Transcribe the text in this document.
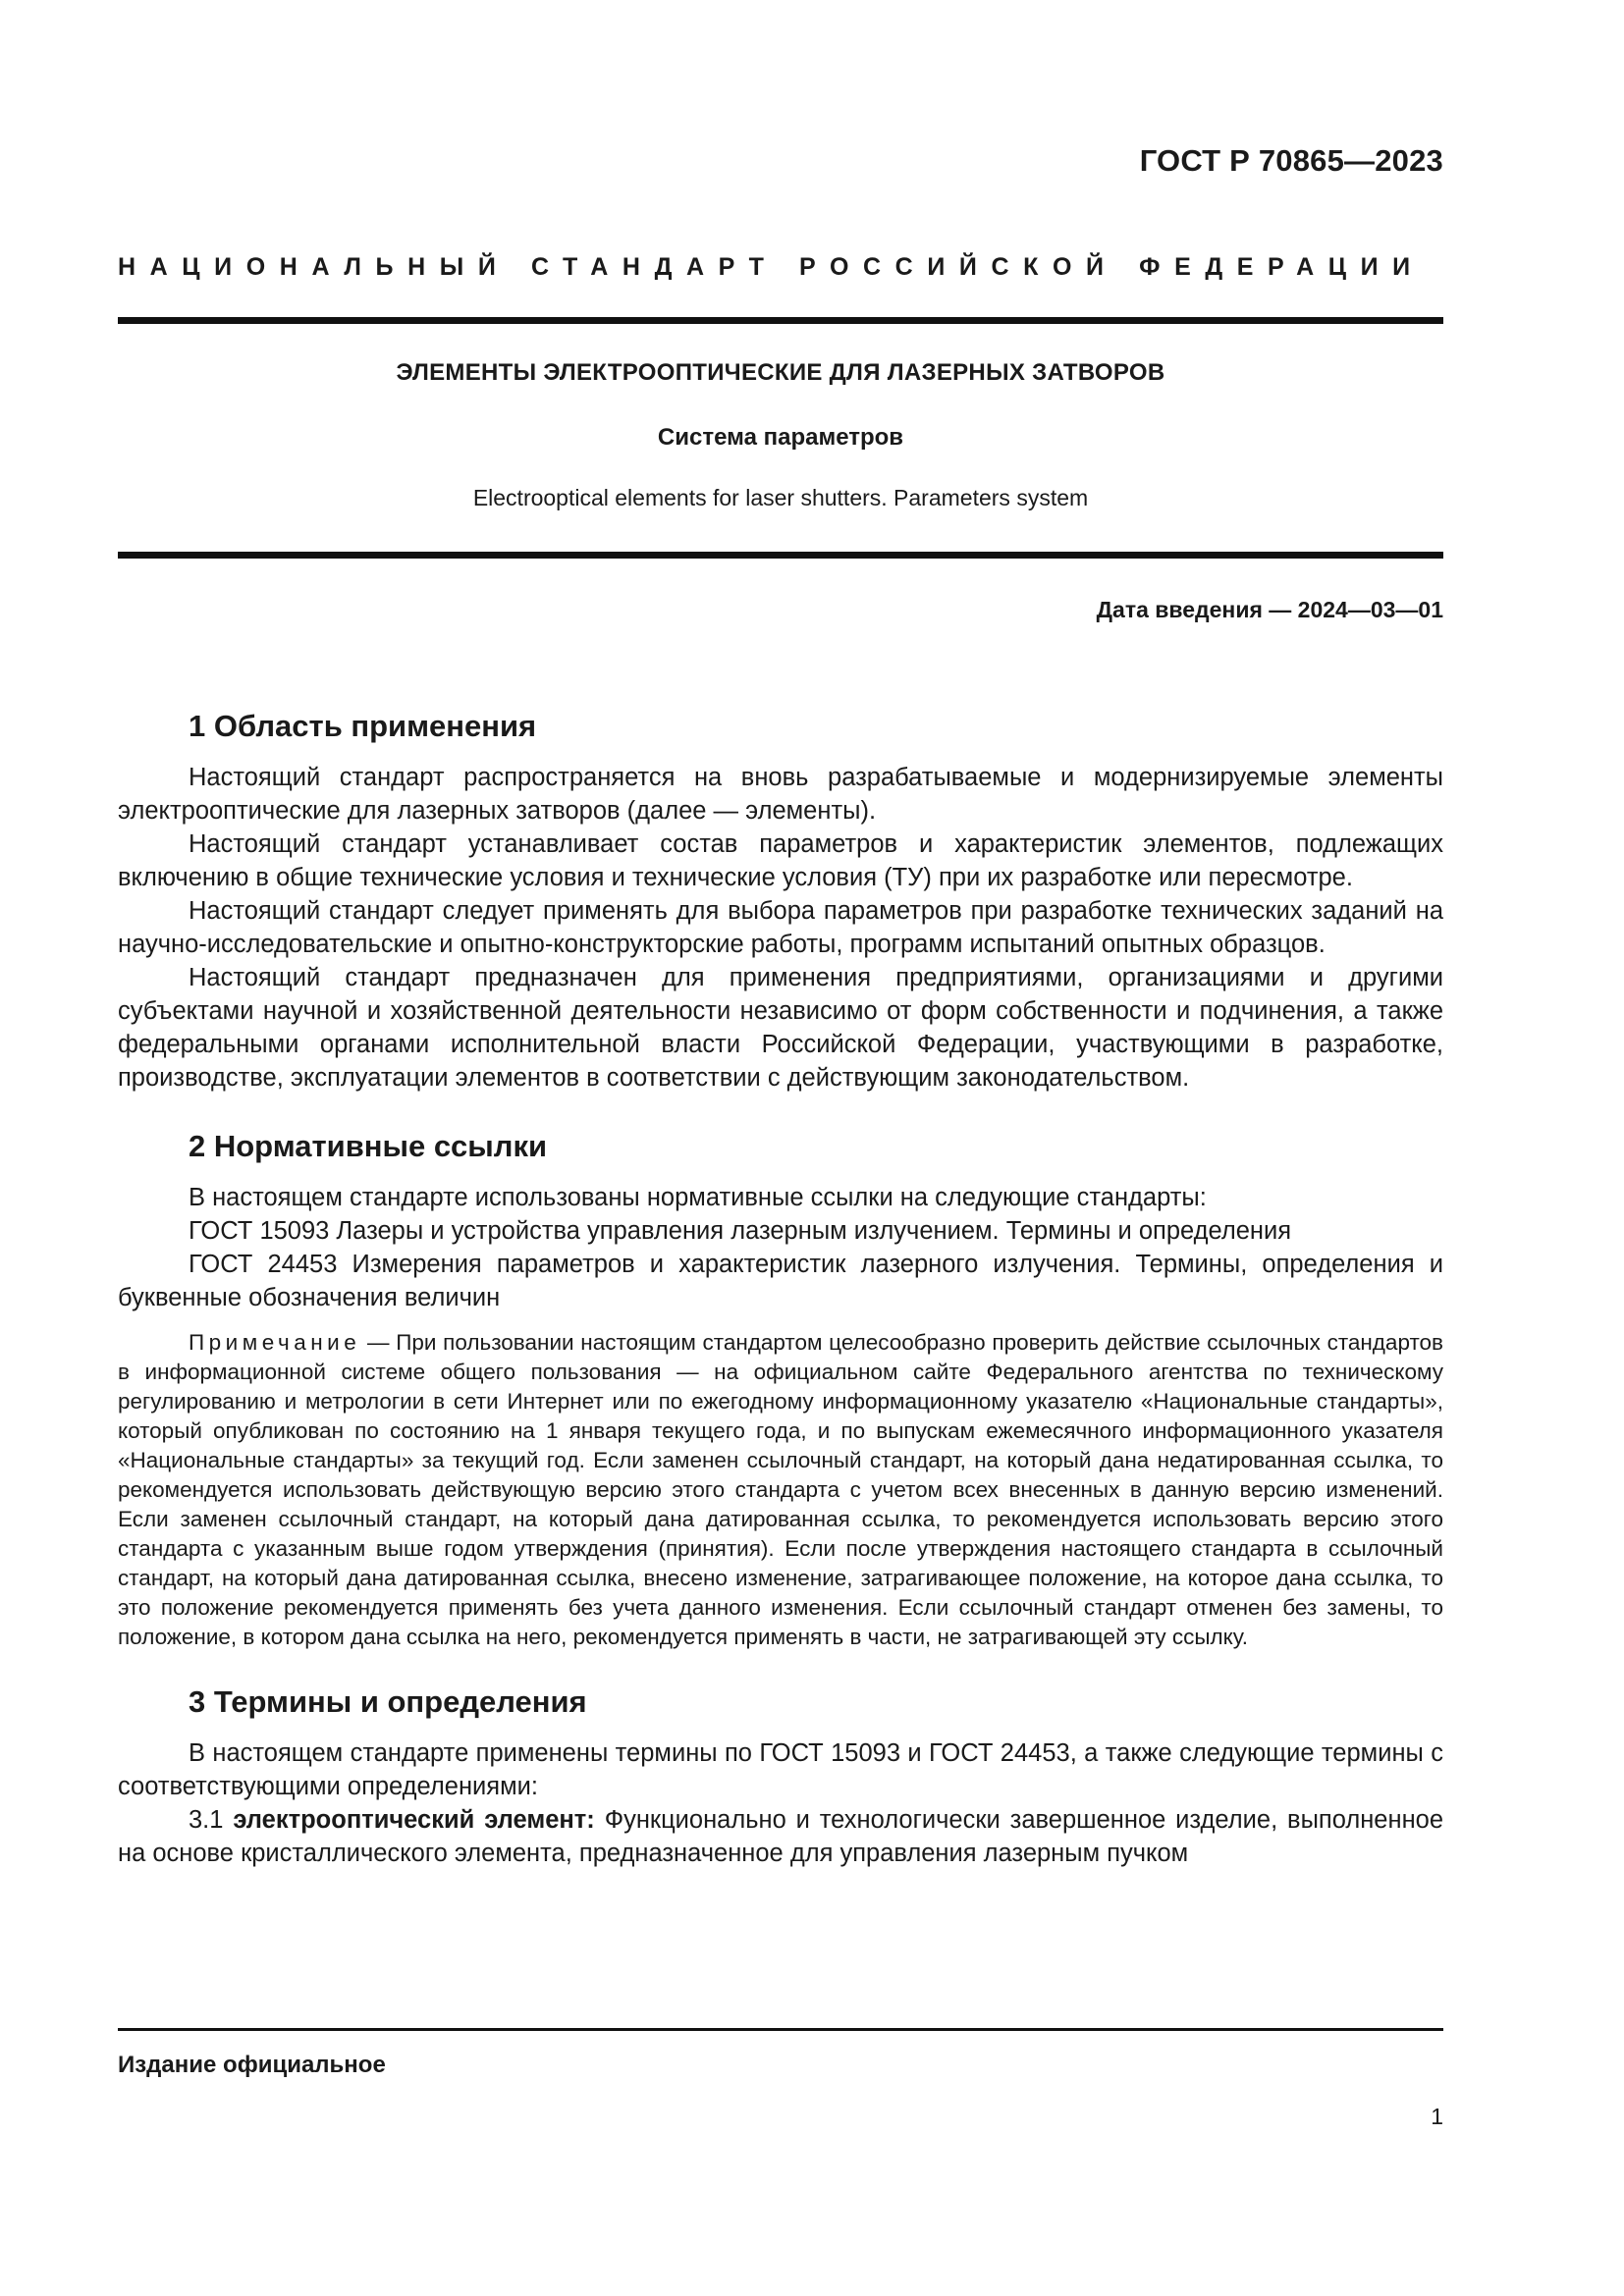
ГОСТ Р 70865—2023
НАЦИОНАЛЬНЫЙ СТАНДАРТ РОССИЙСКОЙ ФЕДЕРАЦИИ
ЭЛЕМЕНТЫ ЭЛЕКТРООПТИЧЕСКИЕ ДЛЯ ЛАЗЕРНЫХ ЗАТВОРОВ
Система параметров
Electrooptical elements for laser shutters. Parameters system
Дата введения — 2024—03—01
1 Область применения

Настоящий стандарт распространяется на вновь разрабатываемые и модернизируемые элементы электрооптические для лазерных затворов (далее — элементы).

Настоящий стандарт устанавливает состав параметров и характеристик элементов, подлежащих включению в общие технические условия и технические условия (ТУ) при их разработке или пересмотре.

Настоящий стандарт следует применять для выбора параметров при разработке технических заданий на научно-исследовательские и опытно-конструкторские работы, программ испытаний опытных образцов.

Настоящий стандарт предназначен для применения предприятиями, организациями и другими субъектами научной и хозяйственной деятельности независимо от форм собственности и подчинения, а также федеральными органами исполнительной власти Российской Федерации, участвующими в разработке, производстве, эксплуатации элементов в соответствии с действующим законодательством.

2 Нормативные ссылки

В настоящем стандарте использованы нормативные ссылки на следующие стандарты:

ГОСТ 15093 Лазеры и устройства управления лазерным излучением. Термины и определения

ГОСТ 24453 Измерения параметров и характеристик лазерного излучения. Термины, определения и буквенные обозначения величин

Примечание — При пользовании настоящим стандартом целесообразно проверить действие ссылочных стандартов в информационной системе общего пользования — на официальном сайте Федерального агентства по техническому регулированию и метрологии в сети Интернет или по ежегодному информационному указателю «Национальные стандарты», который опубликован по состоянию на 1 января текущего года, и по выпускам ежемесячного информационного указателя «Национальные стандарты» за текущий год. Если заменен ссылочный стандарт, на который дана недатированная ссылка, то рекомендуется использовать действующую версию этого стандарта с учетом всех внесенных в данную версию изменений. Если заменен ссылочный стандарт, на который дана датированная ссылка, то рекомендуется использовать версию этого стандарта с указанным выше годом утверждения (принятия). Если после утверждения настоящего стандарта в ссылочный стандарт, на который дана датированная ссылка, внесено изменение, затрагивающее положение, на которое дана ссылка, то это положение рекомендуется применять без учета данного изменения. Если ссылочный стандарт отменен без замены, то положение, в котором дана ссылка на него, рекомендуется применять в части, не затрагивающей эту ссылку.

3 Термины и определения

В настоящем стандарте применены термины по ГОСТ 15093 и ГОСТ 24453, а также следующие термины с соответствующими определениями:

3.1 электрооптический элемент: Функционально и технологически завершенное изделие, выполненное на основе кристаллического элемента, предназначенное для управления лазерным пучком

Издание официальное
1
